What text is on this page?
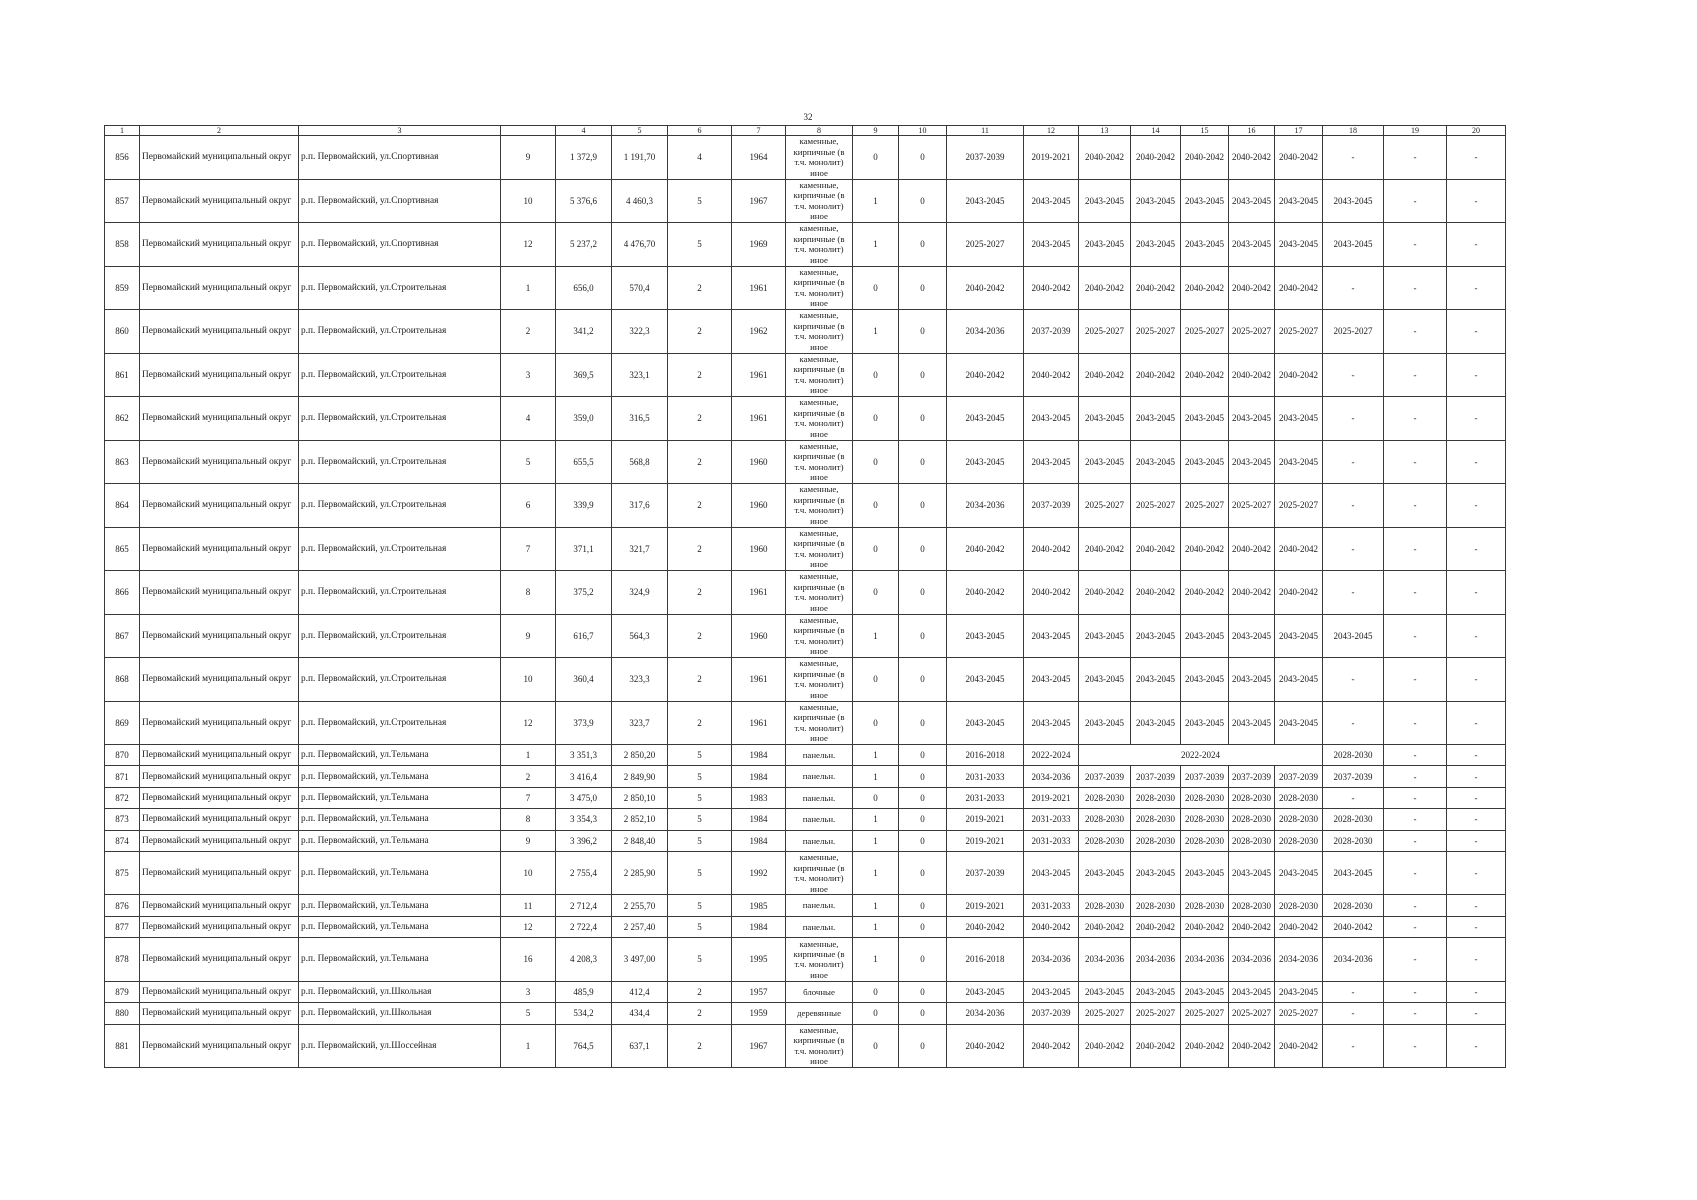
32
1	2	3		4	5	6	7	8	9	10	11	12	13	14	15	16	17	18	19	20
856	Первомайский муниципальный округ	р.п. Первомайский, ул.Спортивная	9	1 372,9	1 191,70	4	1964	каменные,
кирпичные (в
т.ч. монолит)
иное	0	0	2037-2039	2019-2021	2040-2042	2040-2042	2040-2042	2040-2042	2040-2042	-	-	-
857	Первомайский муниципальный округ	р.п. Первомайский, ул.Спортивная	10	5 376,6	4 460,3	5	1967	каменные,
кирпичные (в
т.ч. монолит)
иное	1	0	2043-2045	2043-2045	2043-2045	2043-2045	2043-2045	2043-2045	2043-2045	2043-2045	-	-
858	Первомайский муниципальный округ	р.п. Первомайский, ул.Спортивная	12	5 237,2	4 476,70	5	1969	каменные,
кирпичные (в
т.ч. монолит)
иное	1	0	2025-2027	2043-2045	2043-2045	2043-2045	2043-2045	2043-2045	2043-2045	2043-2045	-	-
859	Первомайский муниципальный округ	р.п. Первомайский, ул.Строительная	1	656,0	570,4	2	1961	каменные,
кирпичные (в
т.ч. монолит)
иное	0	0	2040-2042	2040-2042	2040-2042	2040-2042	2040-2042	2040-2042	2040-2042	-	-	-
860	Первомайский муниципальный округ	р.п. Первомайский, ул.Строительная	2	341,2	322,3	2	1962	каменные,
кирпичные (в
т.ч. монолит)
иное	1	0	2034-2036	2037-2039	2025-2027	2025-2027	2025-2027	2025-2027	2025-2027	2025-2027	-	-
861	Первомайский муниципальный округ	р.п. Первомайский, ул.Строительная	3	369,5	323,1	2	1961	каменные,
кирпичные (в
т.ч. монолит)
иное	0	0	2040-2042	2040-2042	2040-2042	2040-2042	2040-2042	2040-2042	2040-2042	-	-	-
862	Первомайский муниципальный округ	р.п. Первомайский, ул.Строительная	4	359,0	316,5	2	1961	каменные,
кирпичные (в
т.ч. монолит)
иное	0	0	2043-2045	2043-2045	2043-2045	2043-2045	2043-2045	2043-2045	2043-2045	-	-	-
863	Первомайский муниципальный округ	р.п. Первомайский, ул.Строительная	5	655,5	568,8	2	1960	каменные,
кирпичные (в
т.ч. монолит)
иное	0	0	2043-2045	2043-2045	2043-2045	2043-2045	2043-2045	2043-2045	2043-2045	-	-	-
864	Первомайский муниципальный округ	р.п. Первомайский, ул.Строительная	6	339,9	317,6	2	1960	каменные,
кирпичные (в
т.ч. монолит)
иное	0	0	2034-2036	2037-2039	2025-2027	2025-2027	2025-2027	2025-2027	2025-2027	-	-	-
865	Первомайский муниципальный округ	р.п. Первомайский, ул.Строительная	7	371,1	321,7	2	1960	каменные,
кирпичные (в
т.ч. монолит)
иное	0	0	2040-2042	2040-2042	2040-2042	2040-2042	2040-2042	2040-2042	2040-2042	-	-	-
866	Первомайский муниципальный округ	р.п. Первомайский, ул.Строительная	8	375,2	324,9	2	1961	каменные,
кирпичные (в
т.ч. монолит)
иное	0	0	2040-2042	2040-2042	2040-2042	2040-2042	2040-2042	2040-2042	2040-2042	-	-	-
867	Первомайский муниципальный округ	р.п. Первомайский, ул.Строительная	9	616,7	564,3	2	1960	каменные,
кирпичные (в
т.ч. монолит)
иное	1	0	2043-2045	2043-2045	2043-2045	2043-2045	2043-2045	2043-2045	2043-2045	2043-2045	-	-
868	Первомайский муниципальный округ	р.п. Первомайский, ул.Строительная	10	360,4	323,3	2	1961	каменные,
кирпичные (в
т.ч. монолит)
иное	0	0	2043-2045	2043-2045	2043-2045	2043-2045	2043-2045	2043-2045	2043-2045	-	-	-
869	Первомайский муниципальный округ	р.п. Первомайский, ул.Строительная	12	373,9	323,7	2	1961	каменные,
кирпичные (в
т.ч. монолит)
иное	0	0	2043-2045	2043-2045	2043-2045	2043-2045	2043-2045	2043-2045	2043-2045	-	-	-
870	Первомайский муниципальный округ	р.п. Первомайский, ул.Тельмана	1	3 351,3	2 850,20	5	1984	панельн.	1	0	2016-2018	2022-2024	2022-2024					2028-2030	-	-
871	Первомайский муниципальный округ	р.п. Первомайский, ул.Тельмана	2	3 416,4	2 849,90	5	1984	панельн.	1	0	2031-2033	2034-2036	2037-2039	2037-2039	2037-2039	2037-2039	2037-2039	2037-2039	-	-
872	Первомайский муниципальный округ	р.п. Первомайский, ул.Тельмана	7	3 475,0	2 850,10	5	1983	панельн.	0	0	2031-2033	2019-2021	2028-2030	2028-2030	2028-2030	2028-2030	2028-2030	-	-	-
873	Первомайский муниципальный округ	р.п. Первомайский, ул.Тельмана	8	3 354,3	2 852,10	5	1984	панельн.	1	0	2019-2021	2031-2033	2028-2030	2028-2030	2028-2030	2028-2030	2028-2030	2028-2030	-	-
874	Первомайский муниципальный округ	р.п. Первомайский, ул.Тельмана	9	3 396,2	2 848,40	5	1984	панельн.	1	0	2019-2021	2031-2033	2028-2030	2028-2030	2028-2030	2028-2030	2028-2030	2028-2030	-	-
875	Первомайский муниципальный округ	р.п. Первомайский, ул.Тельмана	10	2 755,4	2 285,90	5	1992	каменные,
кирпичные (в
т.ч. монолит)
иное	1	0	2037-2039	2043-2045	2043-2045	2043-2045	2043-2045	2043-2045	2043-2045	2043-2045	-	-
876	Первомайский муниципальный округ	р.п. Первомайский, ул.Тельмана	11	2 712,4	2 255,70	5	1985	панельн.	1	0	2019-2021	2031-2033	2028-2030	2028-2030	2028-2030	2028-2030	2028-2030	2028-2030	-	-
877	Первомайский муниципальный округ	р.п. Первомайский, ул.Тельмана	12	2 722,4	2 257,40	5	1984	панельн.	1	0	2040-2042	2040-2042	2040-2042	2040-2042	2040-2042	2040-2042	2040-2042	2040-2042	-	-
878	Первомайский муниципальный округ	р.п. Первомайский, ул.Тельмана	16	4 208,3	3 497,00	5	1995	каменные,
кирпичные (в
т.ч. монолит)
иное	1	0	2016-2018	2034-2036	2034-2036	2034-2036	2034-2036	2034-2036	2034-2036	2034-2036	-	-
879	Первомайский муниципальный округ	р.п. Первомайский, ул.Школьная	3	485,9	412,4	2	1957	блочные	0	0	2043-2045	2043-2045	2043-2045	2043-2045	2043-2045	2043-2045	2043-2045	-	-	-
880	Первомайский муниципальный округ	р.п. Первомайский, ул.Школьная	5	534,2	434,4	2	1959	деревянные	0	0	2034-2036	2037-2039	2025-2027	2025-2027	2025-2027	2025-2027	2025-2027	-	-	-
881	Первомайский муниципальный округ	р.п. Первомайский, ул.Шоссейная	1	764,5	637,1	2	1967	каменные,
кирпичные (в
т.ч. монолит)
иное	0	0	2040-2042	2040-2042	2040-2042	2040-2042	2040-2042	2040-2042	2040-2042	-	-	-
